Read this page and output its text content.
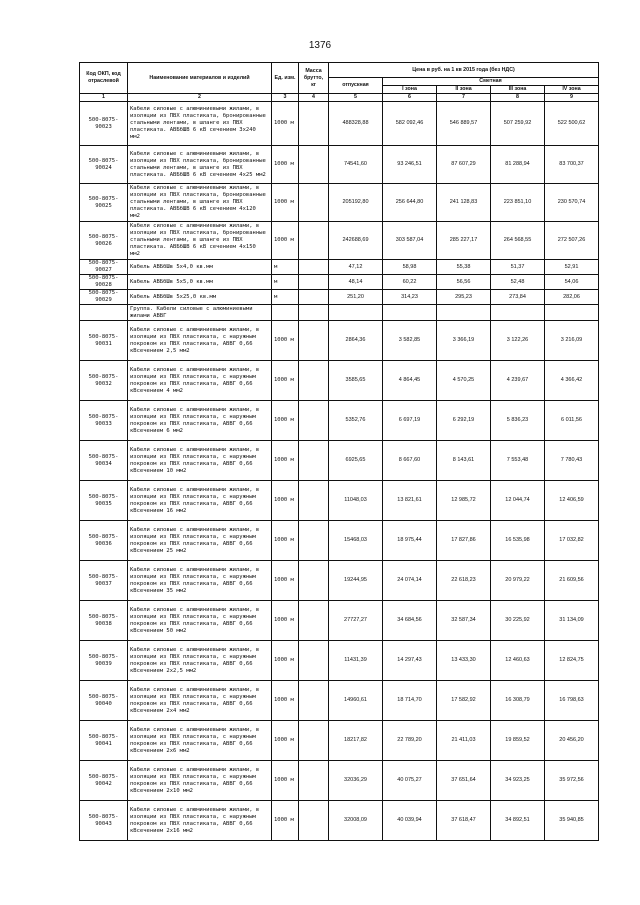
1376
Код ОКП, код отраслевой	Наименование материалов и изделий	Ед. изм.	Масса брутто, кг	Цена в руб. на 1 кв 2015 года (без НДС)				
				отпускная	Сметная			
					I зона	II зона	III зона	IV зона
1	2	3	4	5	6	7	8	9
500-8075-90023	Кабели силовые с алюминиевыми жилами, в изоляции из ПВХ пластиката, бронированные стальными лентами, в шланге из ПВХ пластиката. АВБбШВ 6 кВ сечением 3х240 мм2	1000 м		488328,88	582 092,46	546 889,57	507 259,92	522 500,62
500-8075-90024	Кабели силовые с алюминиевыми жилами, в изоляции из ПВХ пластиката, бронированные стальными лентами, в шланге из ПВХ пластиката. АВБбШВ 6 кВ сечением 4х25 мм2	1000 м		74541,60	93 246,51	87 607,29	81 288,94	83 700,37
500-8075-90025	Кабели силовые с алюминиевыми жилами, в изоляции из ПВХ пластиката, бронированные стальными лентами, в шланге из ПВХ пластиката. АВБбШВ 6 кВ сечением 4х120 мм2	1000 м		205192,80	256 644,80	241 128,83	223 851,10	230 570,74
500-8075-90026	Кабели силовые с алюминиевыми жилами, в изоляции из ПВХ пластиката, бронированные стальными лентами, в шланге из ПВХ пластиката. АВБбШВ 6 кВ сечением 4х150 мм2	1000 м		242688,69	303 587,04	285 227,17	264 568,55	272 507,26
500-8075-90027	Кабель АВБбШв 5х4,0 кв.мм	м		47,12	58,98	55,38	51,37	52,91
500-8075-90028	Кабель АВБбШв 5х5,0 кв.мм	м		48,14	60,22	56,56	52,48	54,06
500-8075-90029	Кабель АВБбШв 5х25,0 кв.мм	м		251,20	314,23	295,23	273,84	282,06
	Группа. Кабели силовые с алюминиевыми жилами АВВГ							
500-8075-90031	Кабели силовые с алюминиевыми жилами, в изоляции из ПВХ пластиката, с наружным покровом из ПВХ пластиката, АВВГ 0,66 кВсечением 2,5 мм2	1000 м		2864,36	3 582,85	3 366,19	3 122,26	3 216,09
500-8075-90032	Кабели силовые с алюминиевыми жилами, в изоляции из ПВХ пластиката, с наружным покровом из ПВХ пластиката, АВВГ 0,66 кВсечением 4 мм2	1000 м		3585,65	4 864,45	4 570,25	4 239,67	4 366,42
500-8075-90033	Кабели силовые с алюминиевыми жилами, в изоляции из ПВХ пластиката, с наружным покровом из ПВХ пластиката, АВВГ 0,66 кВсечением 6 мм2	1000 м		5352,76	6 697,19	6 292,19	5 836,23	6 011,56
500-8075-90034	Кабели силовые с алюминиевыми жилами, в изоляции из ПВХ пластиката, с наружным покровом из ПВХ пластиката, АВВГ 0,66 кВсечением 10 мм2	1000 м		6925,65	8 667,60	8 143,61	7 553,48	7 780,43
500-8075-90035	Кабели силовые с алюминиевыми жилами, в изоляции из ПВХ пластиката, с наружным покровом из ПВХ пластиката, АВВГ 0,66 кВсечением 16 мм2	1000 м		11048,03	13 821,61	12 985,72	12 044,74	12 406,59
500-8075-90036	Кабели силовые с алюминиевыми жилами, в изоляции из ПВХ пластиката, с наружным покровом из ПВХ пластиката, АВВГ 0,66 кВсечением 25 мм2	1000 м		15468,03	18 975,44	17 827,86	16 535,98	17 032,82
500-8075-90037	Кабели силовые с алюминиевыми жилами, в изоляции из ПВХ пластиката, с наружным покровом из ПВХ пластиката, АВВГ 0,66 кВсечением 35 мм2	1000 м		19244,95	24 074,14	22 618,23	20 979,22	21 609,56
500-8075-90038	Кабели силовые с алюминиевыми жилами, в изоляции из ПВХ пластиката, с наружным покровом из ПВХ пластиката, АВВГ 0,66 кВсечением 50 мм2	1000 м		27727,27	34 684,56	32 587,34	30 225,92	31 134,09
500-8075-90039	Кабели силовые с алюминиевыми жилами, в изоляции из ПВХ пластиката, с наружным покровом из ПВХ пластиката, АВВГ 0,66 кВсечением 2х2,5 мм2	1000 м		11431,39	14 297,43	13 433,30	12 460,63	12 824,75
500-8075-90040	Кабели силовые с алюминиевыми жилами, в изоляции из ПВХ пластиката, с наружным покровом из ПВХ пластиката, АВВГ 0,66 кВсечением 2х4 мм2	1000 м		14960,61	18 714,70	17 582,92	16 308,79	16 798,63
500-8075-90041	Кабели силовые с алюминиевыми жилами, в изоляции из ПВХ пластиката, с наружным покровом из ПВХ пластиката, АВВГ 0,66 кВсечением 2х6 мм2	1000 м		18217,82	22 789,20	21 411,03	19 859,52	20 456,20
500-8075-90042	Кабели силовые с алюминиевыми жилами, в изоляции из ПВХ пластиката, с наружным покровом из ПВХ пластиката, АВВГ 0,66 кВсечением 2х10 мм2	1000 м		32036,29	40 075,27	37 651,64	34 923,25	35 972,56
500-8075-90043	Кабели силовые с алюминиевыми жилами, в изоляции из ПВХ пластиката, с наружным покровом из ПВХ пластиката, АВВГ 0,66 кВсечением 2х16 мм2	1000 м		32008,09	40 039,94	37 618,47	34 892,51	35 940,85
